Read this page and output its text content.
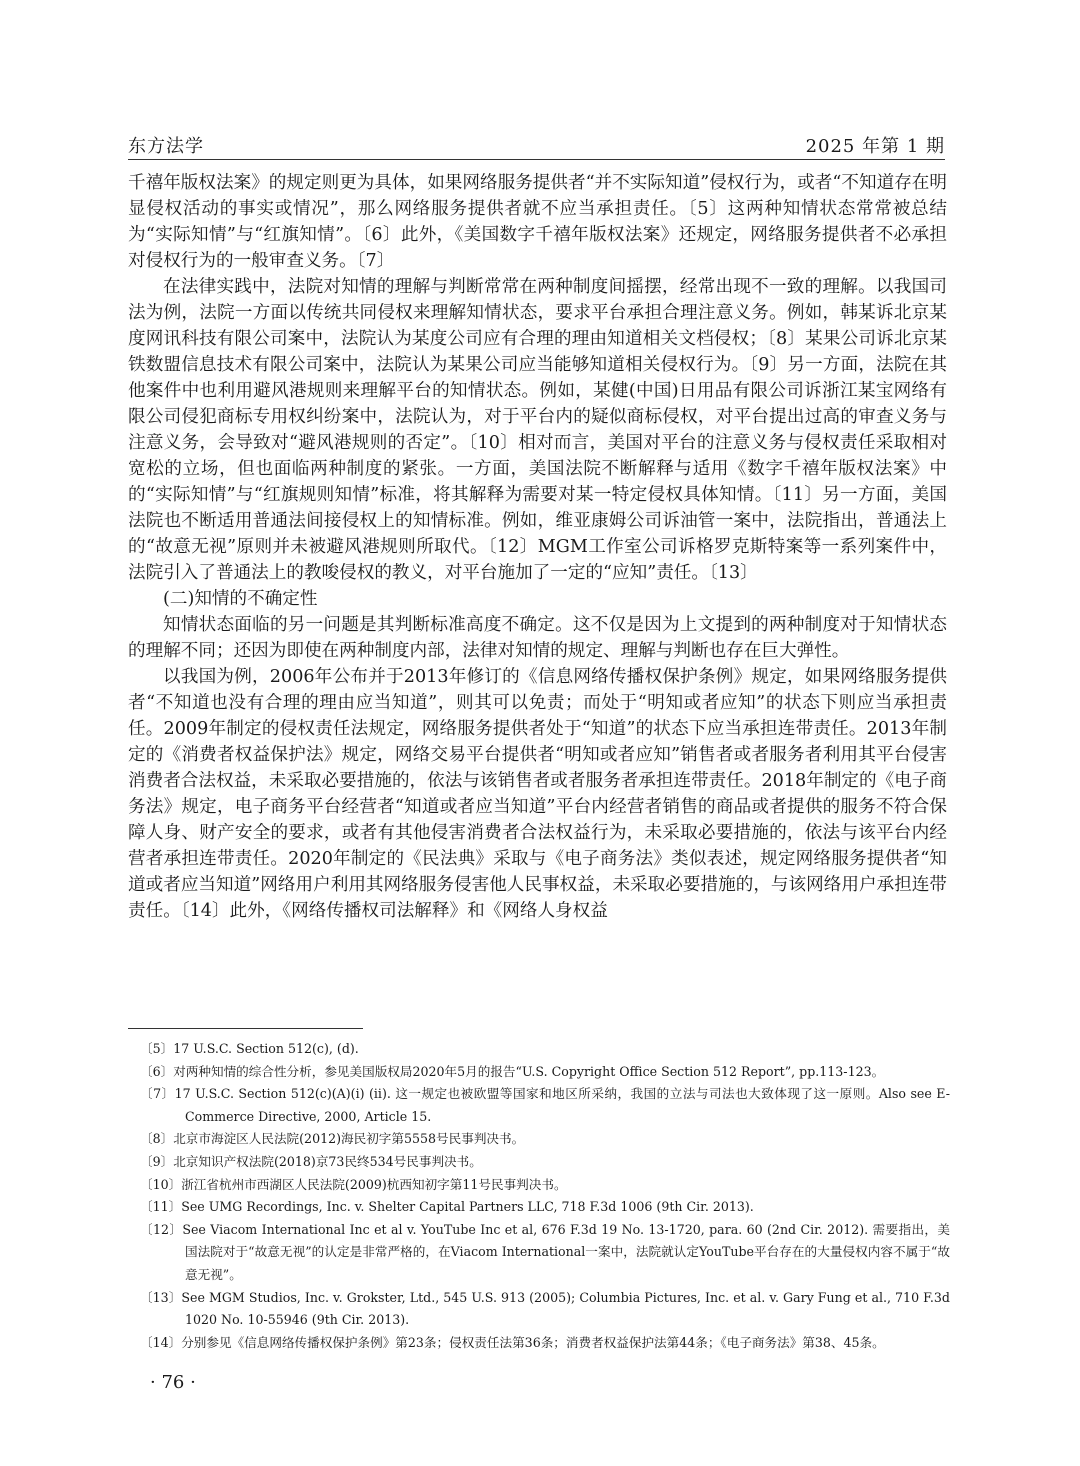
东方法学	2025 年第 1 期

千禧年版权法案》的规定则更为具体，如果网络服务提供者“并不实际知道”侵权行为，或者“不知道存在明显侵权活动的事实或情况”，那么网络服务提供者就不应当承担责任。〔5〕这两种知情状态常常被总结为“实际知情”与“红旗知情”。〔6〕此外，《美国数字千禧年版权法案》还规定，网络服务提供者不必承担对侵权行为的一般审查义务。〔7〕

在法律实践中，法院对知情的理解与判断常常在两种制度间摇摆，经常出现不一致的理解。以我国司法为例，法院一方面以传统共同侵权来理解知情状态，要求平台承担合理注意义务。例如，韩某诉北京某度网讯科技有限公司案中，法院认为某度公司应有合理的理由知道相关文档侵权；〔8〕某果公司诉北京某铁数盟信息技术有限公司案中，法院认为某果公司应当能够知道相关侵权行为。〔9〕另一方面，法院在其他案件中也利用避风港规则来理解平台的知情状态。例如，某健(中国)日用品有限公司诉浙江某宝网络有限公司侵犯商标专用权纠纷案中，法院认为，对于平台内的疑似商标侵权，对平台提出过高的审查义务与注意义务，会导致对“避风港规则的否定”。〔10〕相对而言，美国对平台的注意义务与侵权责任采取相对宽松的立场，但也面临两种制度的紧张。一方面，美国法院不断解释与适用《数字千禧年版权法案》中的“实际知情”与“红旗规则知情”标准，将其解释为需要对某一特定侵权具体知情。〔11〕另一方面，美国法院也不断适用普通法间接侵权上的知情标准。例如，维亚康姆公司诉油管一案中，法院指出，普通法上的“故意无视”原则并未被避风港规则所取代。〔12〕MGM工作室公司诉格罗克斯特案等一系列案件中，法院引入了普通法上的教唆侵权的教义，对平台施加了一定的“应知”责任。〔13〕

(二)知情的不确定性

知情状态面临的另一问题是其判断标准高度不确定。这不仅是因为上文提到的两种制度对于知情状态的理解不同；还因为即使在两种制度内部，法律对知情的规定、理解与判断也存在巨大弹性。

以我国为例，2006年公布并于2013年修订的《信息网络传播权保护条例》规定，如果网络服务提供者“不知道也没有合理的理由应当知道”，则其可以免责；而处于“明知或者应知”的状态下则应当承担责任。2009年制定的侵权责任法规定，网络服务提供者处于“知道”的状态下应当承担连带责任。2013年制定的《消费者权益保护法》规定，网络交易平台提供者“明知或者应知”销售者或者服务者利用其平台侵害消费者合法权益，未采取必要措施的，依法与该销售者或者服务者承担连带责任。2018年制定的《电子商务法》规定，电子商务平台经营者“知道或者应当知道”平台内经营者销售的商品或者提供的服务不符合保障人身、财产安全的要求，或者有其他侵害消费者合法权益行为，未采取必要措施的，依法与该平台内经营者承担连带责任。2020年制定的《民法典》采取与《电子商务法》类似表述，规定网络服务提供者“知道或者应当知道”网络用户利用其网络服务侵害他人民事权益，未采取必要措施的，与该网络用户承担连带责任。〔14〕此外，《网络传播权司法解释》和《网络人身权益

〔5〕17 U.S.C. Section 512(c), (d).
〔6〕对两种知情的综合性分析，参见美国版权局2020年5月的报告“U.S. Copyright Office Section 512 Report”, pp.113-123。
〔7〕17 U.S.C. Section 512(c)(A)(i) (ii). 这一规定也被欧盟等国家和地区所采纳，我国的立法与司法也大致体现了这一原则。Also see E-Commerce Directive, 2000, Article 15.
〔8〕北京市海淀区人民法院(2012)海民初字第5558号民事判决书。
〔9〕北京知识产权法院(2018)京73民终534号民事判决书。
〔10〕浙江省杭州市西湖区人民法院(2009)杭西知初字第11号民事判决书。
〔11〕See UMG Recordings, Inc. v. Shelter Capital Partners LLC, 718 F.3d 1006 (9th Cir. 2013).
〔12〕See Viacom International Inc et al v. YouTube Inc et al, 676 F.3d 19 No. 13-1720, para. 60 (2nd Cir. 2012). 需要指出，美国法院对于“故意无视”的认定是非常严格的，在Viacom International一案中，法院就认定YouTube平台存在的大量侵权内容不属于“故意无视”。
〔13〕See MGM Studios, Inc. v. Grokster, Ltd., 545 U.S. 913 (2005); Columbia Pictures, Inc. et al. v. Gary Fung et al., 710 F.3d 1020 No. 10-55946 (9th Cir. 2013).
〔14〕分别参见《信息网络传播权保护条例》第23条；侵权责任法第36条；消费者权益保护法第44条；《电子商务法》第38、45条。
· 76 ·
